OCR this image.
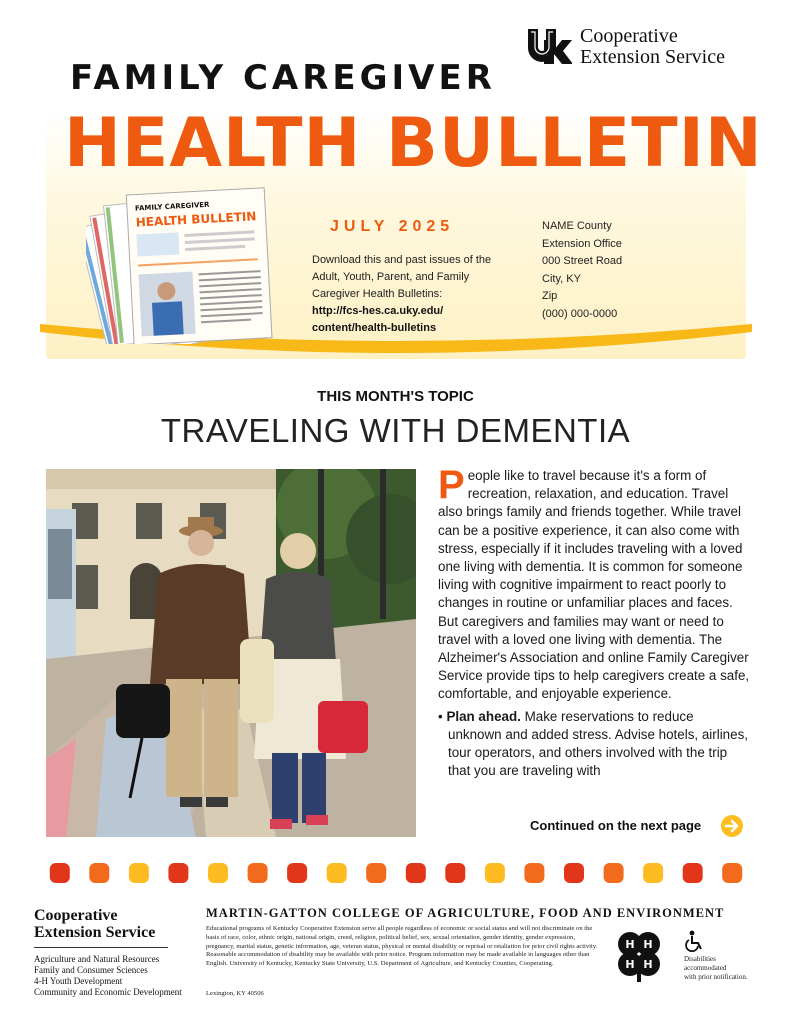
Cooperative
Extension Service
FAMILY CAREGIVER
HEALTH BULLETIN
FAMILY CAREGIVER
HEALTH BULLETIN	JULY 2025
Download this and past issues of the Adult, Youth, Parent, and Family Caregiver Health Bulletins:
http://fcs-hes.ca.uky.edu/
content/health-bulletins
NAME County
Extension Office
000 Street Road
City, KY
Zip
(000) 000-0000
THIS MONTH'S TOPIC
TRAVELING WITH DEMENTIA

People like to travel because it's a form of recreation, relaxation, and education. Travel also brings family and friends together. While travel can be a positive experience, it can also come with stress, especially if it includes traveling with a loved one living with dementia. It is common for someone living with cognitive impairment to react poorly to changes in routine or unfamiliar places and faces. But caregivers and families may want or need to travel with a loved one living with dementia. The Alzheimer's Association and online Family Caregiver Service provide tips to help caregivers create a safe, comfortable, and enjoyable experience.

• Plan ahead. Make reservations to reduce unknown and added stress. Advise hotels, airlines, tour operators, and others involved with the trip that you are traveling with

Continued on the next page
Cooperative
Extension Service
Agriculture and Natural Resources
Family and Consumer Sciences
4-H Youth Development
Community and Economic Development
MARTIN-GATTON COLLEGE OF AGRICULTURE, FOOD AND ENVIRONMENT
Educational programs of Kentucky Cooperative Extension serve all people regardless of economic or social status and will not discriminate on the basis of race, color, ethnic origin, national origin, creed, religion, political belief, sex, sexual orientation, gender identity, gender expression, pregnancy, marital status, genetic information, age, veteran status, physical or mental disability or reprisal or retaliation for prior civil rights activity. Reasonable accommodation of disability may be available with prior notice. Program information may be made available in languages other than English. University of Kentucky, Kentucky State University, U.S. Department of Agriculture, and Kentucky Counties, Cooperating.
Lexington, KY 40506
H H
H H	Disabilities
accommodated
with prior notification.
